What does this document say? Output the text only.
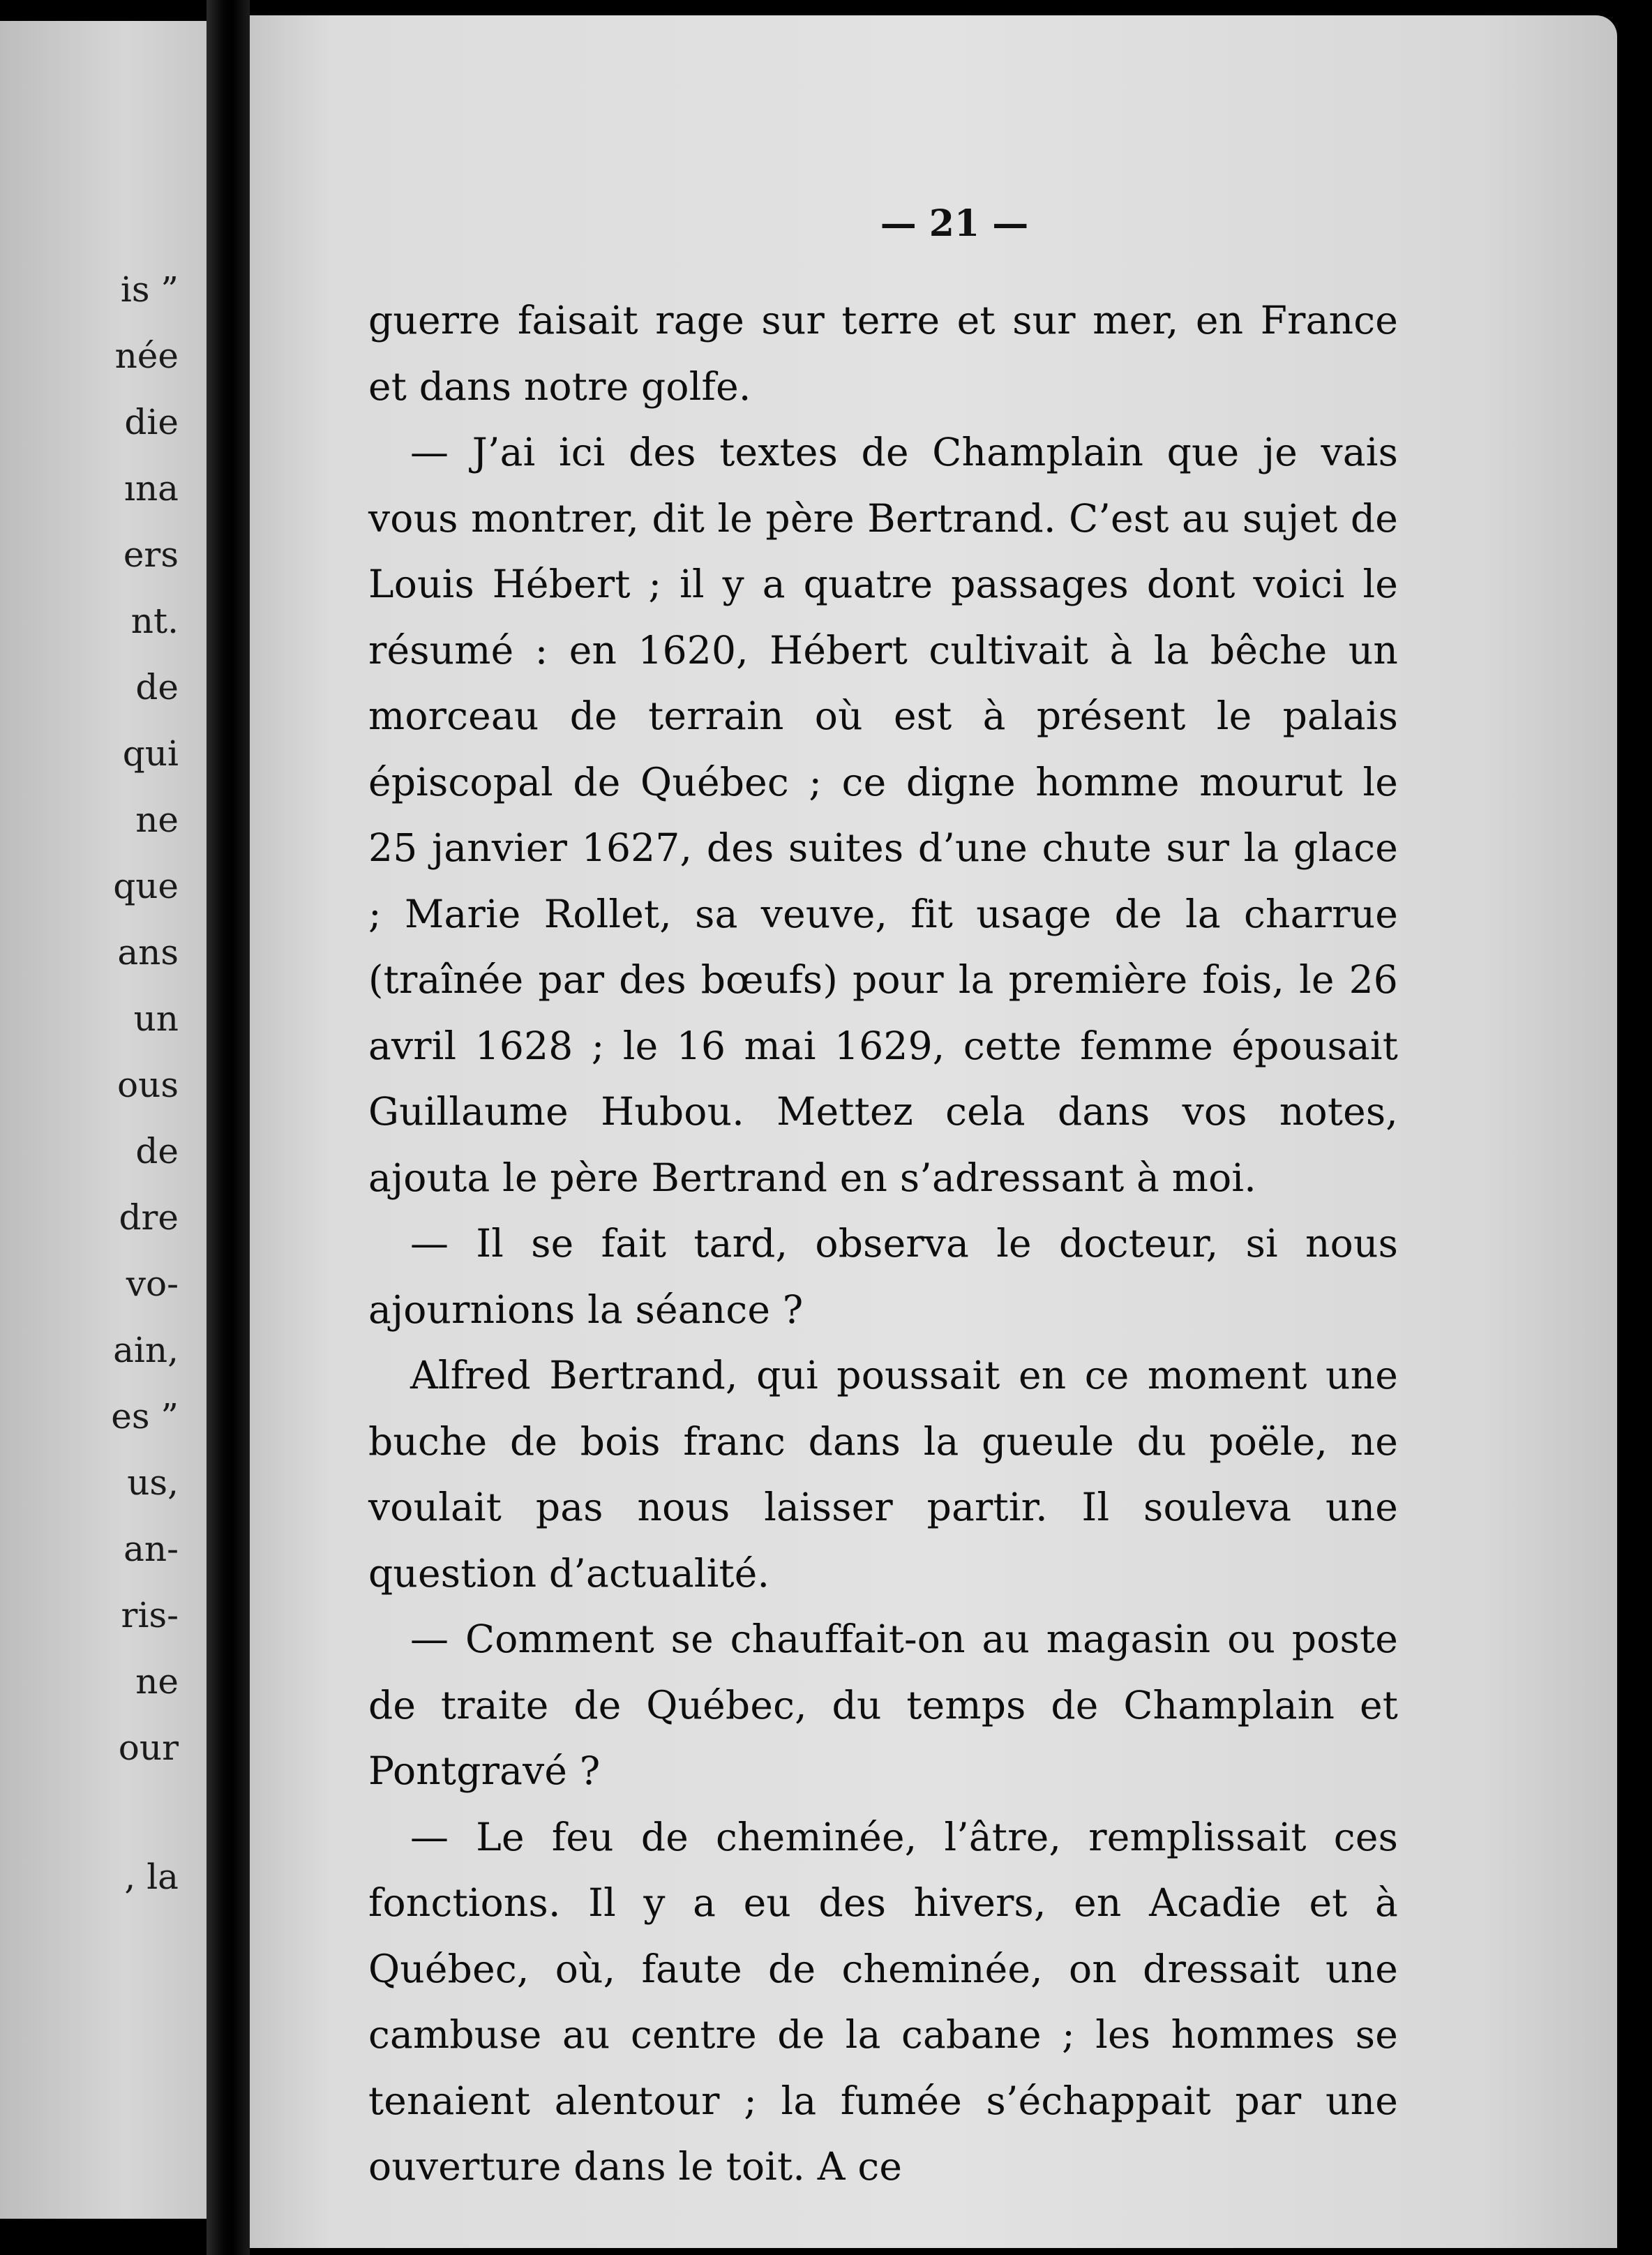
is ”
née
die
ına
ers
nt.
de
qui
ne
que
ans
un
ous
de
dre
vo-
ain,
es ”
us,
an-
ris-
ne
our
, la
— 21 —

guerre faisait rage sur terre et sur mer, en France et dans notre golfe.

— J’ai ici des textes de Champlain que je vais vous montrer, dit le père Bertrand. C’est au sujet de Louis Hébert ; il y a quatre passages dont voici le résumé : en 1620, Hébert cultivait à la bêche un morceau de terrain où est à présent le palais épiscopal de Québec ; ce digne homme mourut le 25 janvier 1627, des suites d’une chute sur la glace ; Marie Rollet, sa veuve, fit usage de la charrue (traînée par des bœufs) pour la première fois, le 26 avril 1628 ; le 16 mai 1629, cette femme épousait Guillaume Hubou. Mettez cela dans vos notes, ajouta le père Bertrand en s’adressant à moi.

— Il se fait tard, observa le docteur, si nous ajournions la séance ?

Alfred Bertrand, qui poussait en ce moment une buche de bois franc dans la gueule du poële, ne voulait pas nous laisser partir. Il souleva une question d’actualité.

— Comment se chauffait-on au magasin ou poste de traite de Québec, du temps de Champlain et Pontgravé ?

— Le feu de cheminée, l’âtre, remplissait ces fonctions. Il y a eu des hivers, en Acadie et à Québec, où, faute de cheminée, on dressait une cambuse au centre de la cabane ; les hommes se tenaient alentour ; la fumée s’échappait par une ouverture dans le toit. A ce
